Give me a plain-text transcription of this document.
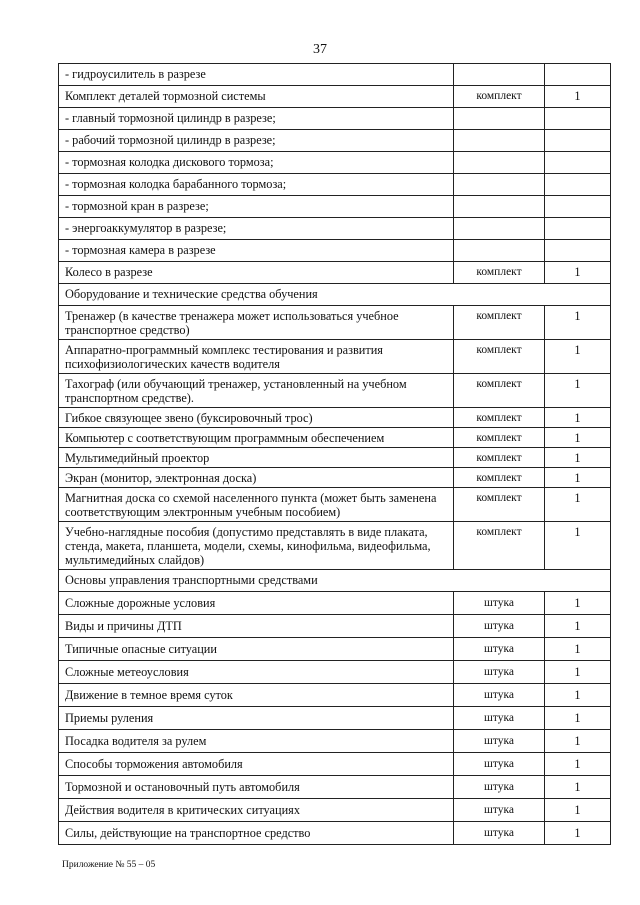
37
- гидроусилитель в разрезе		
Комплект деталей тормозной системы	комплект	1
- главный тормозной цилиндр в разрезе;		
- рабочий тормозной цилиндр в разрезе;		
- тормозная колодка дискового тормоза;		
- тормозная колодка барабанного тормоза;		
- тормозной кран в разрезе;		
- энергоаккумулятор в разрезе;		
- тормозная камера в разрезе		
Колесо в разрезе	комплект	1
Оборудование и технические средства обучения		
Тренажер (в качестве тренажера может использоваться учебное транспортное средство)	комплект	1
Аппаратно-программный комплекс тестирования и развития психофизиологических качеств водителя	комплект	1
Тахограф (или обучающий тренажер, установленный на учебном транспортном средстве).	комплект	1
Гибкое связующее звено (буксировочный трос)	комплект	1
Компьютер с соответствующим программным обеспечением	комплект	1
Мультимедийный проектор	комплект	1
Экран (монитор, электронная доска)	комплект	1
Магнитная доска со схемой населенного пункта (может быть заменена соответствующим электронным учебным пособием)	комплект	1
Учебно-наглядные пособия (допустимо представлять в виде плаката, стенда, макета, планшета, модели, схемы, кинофильма, видеофильма, мультимедийных слайдов)	комплект	1
Основы управления транспортными средствами		
Сложные дорожные условия	штука	1
Виды и причины ДТП	штука	1
Типичные опасные ситуации	штука	1
Сложные метеоусловия	штука	1
Движение в темное время суток	штука	1
Приемы руления	штука	1
Посадка водителя за рулем	штука	1
Способы торможения автомобиля	штука	1
Тормозной и остановочный путь автомобиля	штука	1
Действия водителя в критических ситуациях	штука	1
Силы, действующие на транспортное средство	штука	1
Приложение № 55 – 05
